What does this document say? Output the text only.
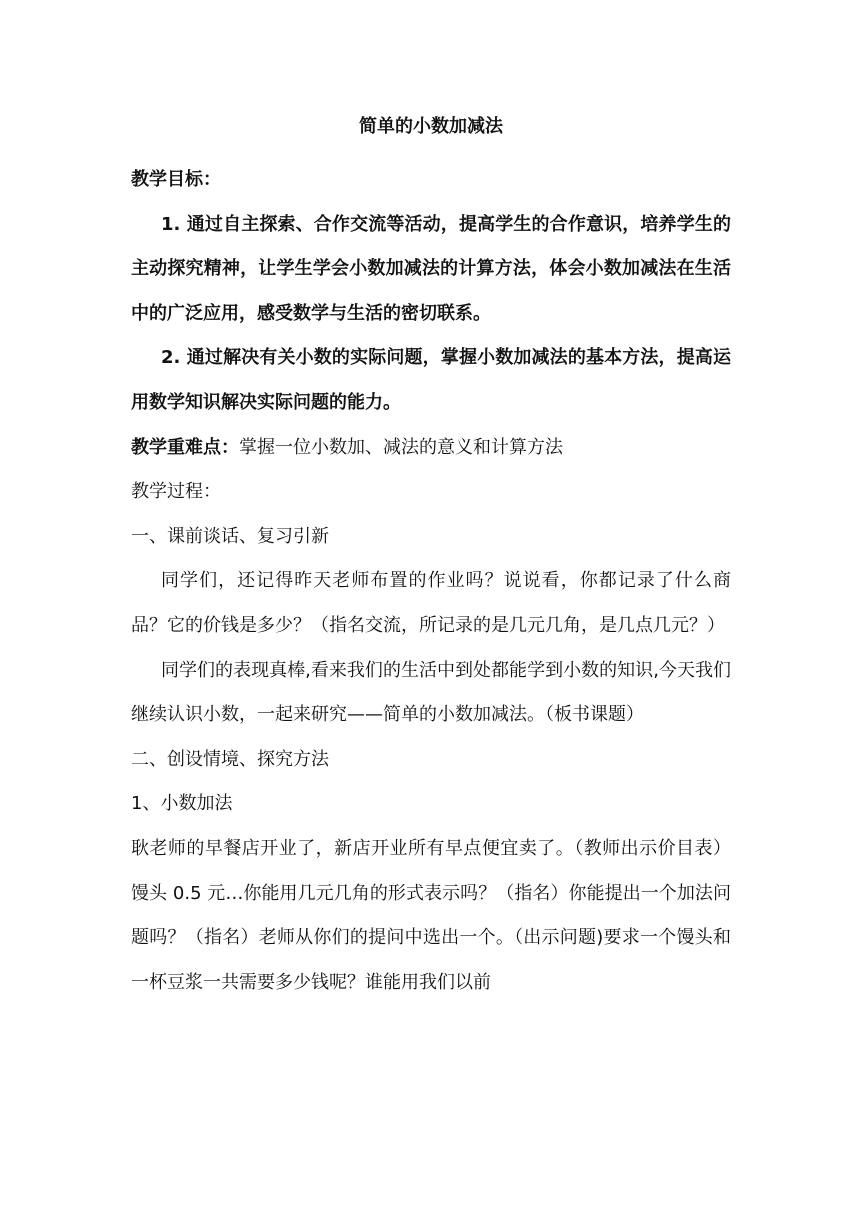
简单的小数加减法

教学目标：

1. 通过自主探索、合作交流等活动，提高学生的合作意识，培养学生的主动探究精神，让学生学会小数加减法的计算方法，体会小数加减法在生活中的广泛应用，感受数学与生活的密切联系。

2. 通过解决有关小数的实际问题，掌握小数加减法的基本方法，提高运用数学知识解决实际问题的能力。

教学重难点：掌握一位小数加、减法的意义和计算方法

教学过程：

一、课前谈话、复习引新

同学们，还记得昨天老师布置的作业吗？说说看，你都记录了什么商品？它的价钱是多少？（指名交流，所记录的是几元几角，是几点几元？）

同学们的表现真棒,看来我们的生活中到处都能学到小数的知识,今天我们继续认识小数，一起来研究——简单的小数加减法。（板书课题）

二、创设情境、探究方法

1、小数加法

耿老师的早餐店开业了，新店开业所有早点便宜卖了。（教师出示价目表）馒头 0.5 元…你能用几元几角的形式表示吗？（指名）你能提出一个加法问题吗？（指名）老师从你们的提问中选出一个。（出示问题)要求一个馒头和一杯豆浆一共需要多少钱呢？谁能用我们以前
